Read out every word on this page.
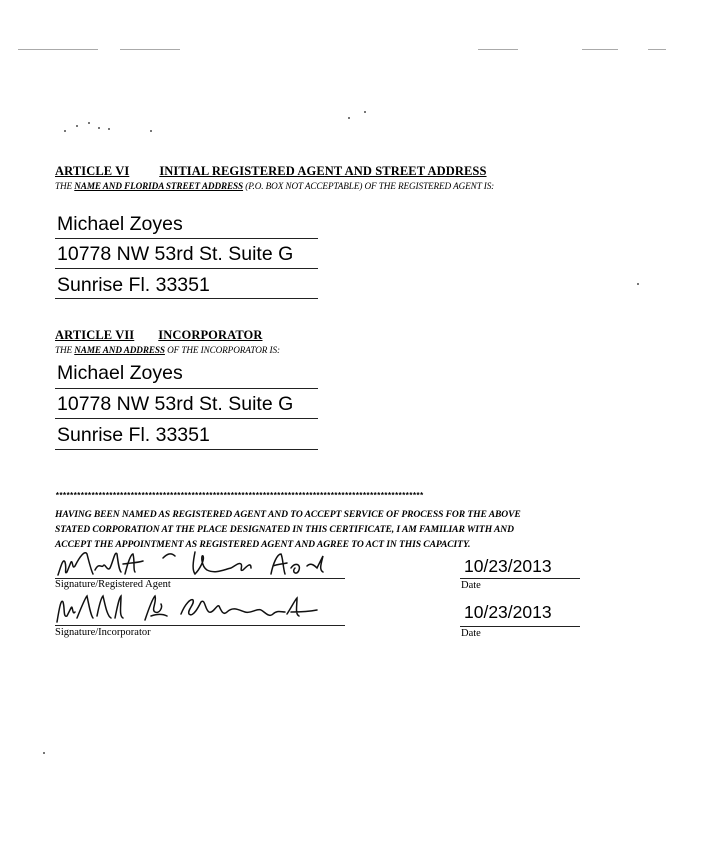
ARTICLE VI INITIAL REGISTERED AGENT AND STREET ADDRESS
THE NAME AND FLORIDA STREET ADDRESS (P.O. BOX NOT ACCEPTABLE) OF THE REGISTERED AGENT IS:
Michael Zoyes
10778 NW 53rd St. Suite G
Sunrise Fl. 33351
ARTICLE VII INCORPORATOR
THE NAME AND ADDRESS OF THE INCORPORATOR IS:
Michael Zoyes
10778 NW 53rd St. Suite G
Sunrise Fl. 33351
*******************************************************************************************************

HAVING BEEN NAMED AS REGISTERED AGENT AND TO ACCEPT SERVICE OF PROCESS FOR THE ABOVE

STATED CORPORATION AT THE PLACE DESIGNATED IN THIS CERTIFICATE, I AM FAMILIAR WITH AND

ACCEPT THE APPOINTMENT AS REGISTERED AGENT AND AGREE TO ACT IN THIS CAPACITY.

Signature/Registered Agent
10/23/2013
Date
Signature/Incorporator
10/23/2013
Date
